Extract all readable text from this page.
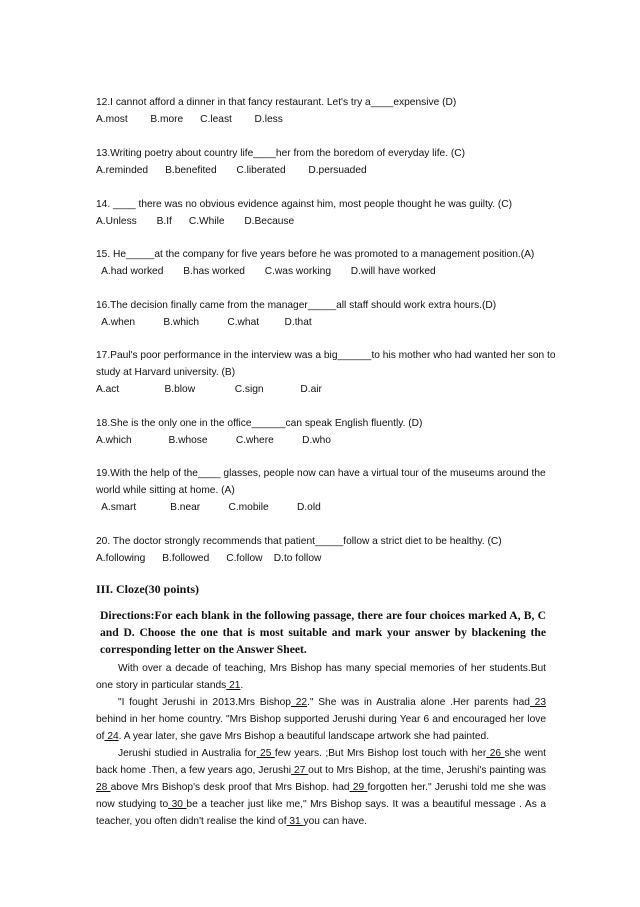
12.I cannot afford a dinner in that fancy restaurant. Let's try a____expensive (D)
A.most        B.more      C.least        D.less
13.Writing poetry about country life____her from the boredom of everyday life. (C)
A.reminded      B.benefited       C.liberated        D.persuaded
14. ____ there was no obvious evidence against him, most people thought he was guilty. (C)
A.Unless       B.If      C.While       D.Because
15. He_____at the company for five years before he was promoted to a management position.(A)
A.had worked       B.has worked       C.was working       D.will have worked
16.The decision finally came from the manager_____all staff should work extra hours.(D)
A.when          B.which          C.what         D.that
17.Paul's poor performance in the interview was a big______to his mother who had wanted her son to study at Harvard university. (B)
A.act                B.blow              C.sign             D.air
18.She is the only one in the office______can speak English fluently. (D)
A.which             B.whose          C.where          D.who
19.With the help of the____ glasses, people now can have a virtual tour of the museums around the world while sitting at home. (A)
A.smart            B.near          C.mobile          D.old
20. The doctor strongly recommends that patient_____follow a strict diet to be healthy. (C)
A.following      B.followed      C.follow    D.to follow
III. Cloze(30 points)
Directions:For each blank in the following passage, there are four choices marked A, B, C and D. Choose the one that is most suitable and mark your answer by blackening the corresponding letter on the Answer Sheet.

With over a decade of teaching, Mrs Bishop has many special memories of her students.But one story in particular stands 21.

"I fought Jerushi in 2013.Mrs Bishop 22." She was in Australia alone .Her parents had 23 behind in her home country. "Mrs Bishop supported Jerushi during Year 6 and encouraged her love of 24. A year later, she gave Mrs Bishop a beautiful landscape artwork she had painted.

Jerushi studied in Australia for 25 few years. ;But Mrs Bishop lost touch with her 26 she went back home .Then, a few years ago, Jerushi 27 out to Mrs Bishop, at the time, Jerushi's painting was 28 above Mrs Bishop's desk proof that Mrs Bishop. had 29 forgotten her." Jerushi told me she was now studying to 30 be a teacher just like me," Mrs Bishop says. It was a beautiful message . As a teacher, you often didn't realise the kind of 31 you can have.
